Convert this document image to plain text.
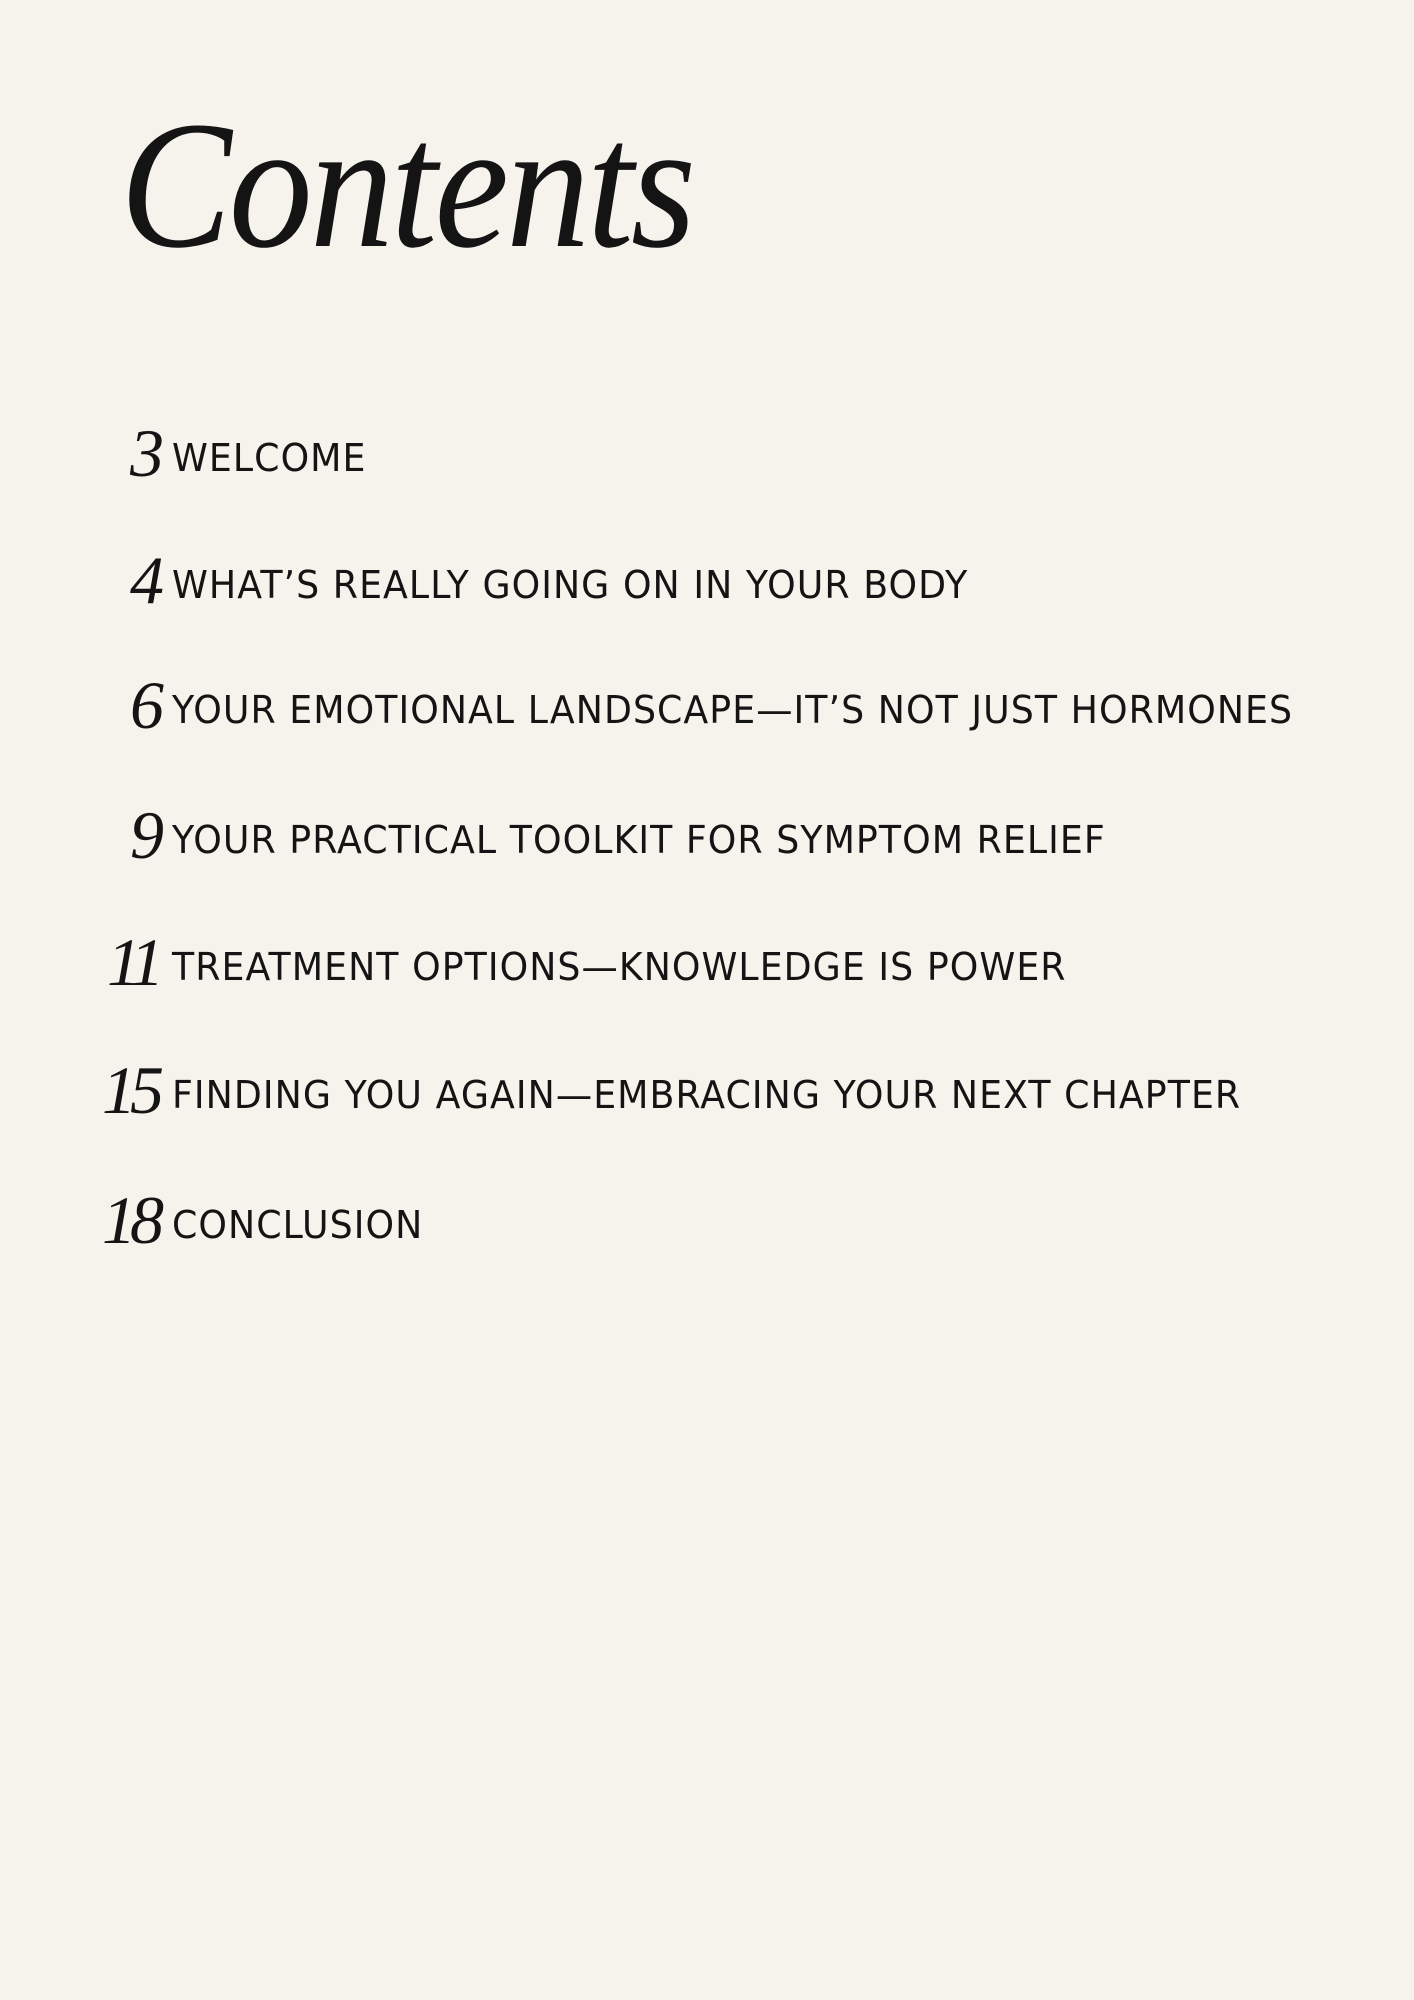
Contents
3 WELCOME
4 WHAT’S REALLY GOING ON IN YOUR BODY
6 YOUR EMOTIONAL LANDSCAPE—IT’S NOT JUST HORMONES
9 YOUR PRACTICAL TOOLKIT FOR SYMPTOM RELIEF
11 TREATMENT OPTIONS—KNOWLEDGE IS POWER
15 FINDING YOU AGAIN—EMBRACING YOUR NEXT CHAPTER
18 CONCLUSION
